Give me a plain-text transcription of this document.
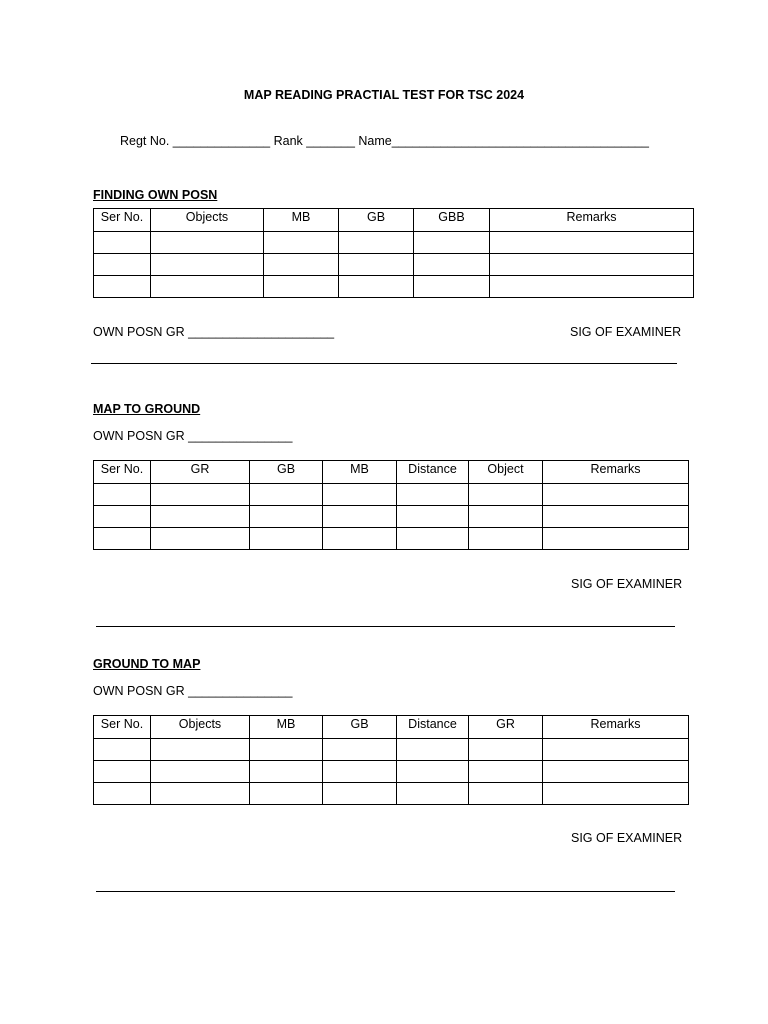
MAP READING PRACTIAL TEST FOR TSC 2024
Regt No. ______________ Rank _______ Name_____________________________________
FINDING OWN POSN
Ser No.	Objects	MB	GB	GBB	Remarks

OWN POSN GR _____________________	SIG OF EXAMINER
MAP TO GROUND
OWN POSN GR _______________
Ser No.	GR	GB	MB	Distance	Object	Remarks

SIG OF EXAMINER
GROUND TO MAP
OWN POSN GR _______________
Ser No.	Objects	MB	GB	Distance	GR	Remarks

SIG OF EXAMINER
